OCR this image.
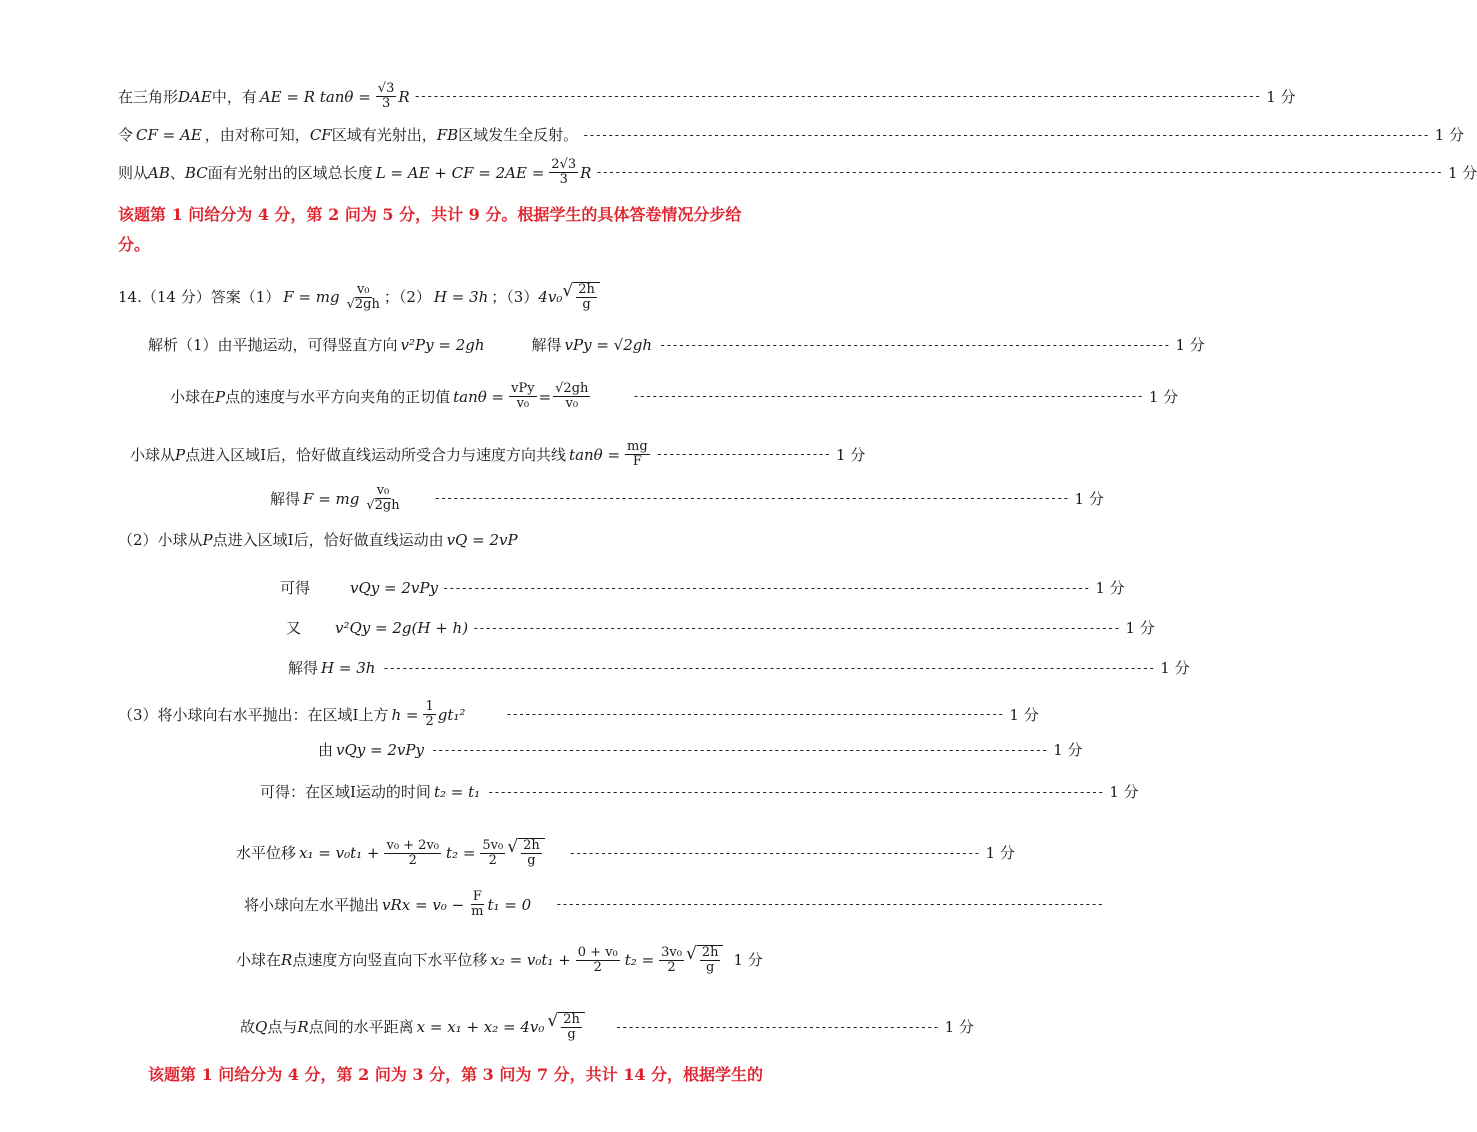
在三角形 DAE 中，有 AE = R $\tan\theta = \frac{√3}{3}$ R ---------------------------------------------------------------------------------------------------------------------------------------- 1 分
令 CF = AE ，由对称可知， CF 区域有光射出， FB 区域发生全反射。 ---------------------------------------------------------------------------------------------------------------------------------------- 1 分
则从 AB 、 BC 面有光射出的区域总长度 L = AE + CF = $2AE = \frac{2√3}{3}$ R ---------------------------------------------------------------------------------------------------------------------------------------- 1 分
该题第 1 问给分为 4 分，第 2 问为 5 分，共计 9 分。根据学生的具体答卷情况分步给分。
14.（14 分）答案（1） F = mg $\frac{\text{v₀}}{√2gh}$ ；（2） H = 3h ；（3） 4v₀ √ $\frac{2h}{g}$
解析（1）由平抛运动，可得竖直方向 v²Py = 2gh	解得 vPy = √2gh ---------------------------------------------------------------------------------- 1 分
小球在 P 点的速度与水平方向夹角的正切值 $\tan\theta = \frac{\text{vPy}}{\text{v₀}} = \frac{√2gh}{\text{v₀}}$	---------------------------------------------------------------------------------- 1 分
小球从 P 点进入区域Ⅰ后，恰好做直线运动所受合力与速度方向共线 $\tan\theta = \frac{mg}{F}$ ---------------------------- 1 分
解得 F = mg $\frac{\text{v₀}}{√2gh}$	------------------------------------------------------------------------------------------------------ 1 分
（2）小球从 P 点进入区域Ⅰ后，恰好做直线运动由 vQ = 2vP
可得	vQy = 2vPy -------------------------------------------------------------------------------------------------------- 1 分
又 v²Qy = 2g(H + h) -------------------------------------------------------------------------------------------------------- 1 分
解得 H = 3h ---------------------------------------------------------------------------------------------------------------------------- 1 分
（3）将小球向右水平抛出：在区域Ⅰ上方 $h = \frac{1}{2} gt_1^2$	-------------------------------------------------------------------------------- 1 分
由 vQy = 2vPy --------------------------------------------------------------------------------------------------- 1 分
可得：在区域Ⅰ运动的时间 t₂ = t₁ --------------------------------------------------------------------------------------------------- 1 分
水平位移 $x_1 = v_0t_1 + \frac{\text{v₀ + 2v₀}}{2} t_2 = \frac{\text{5v₀}}{2}$ √ $\frac{2h}{g}$ ------------------------------------------------------------------ 1 分
将小球向左水平抛出 vRx = $v_0 - \frac{F}{m} t_1 = 0$ ----------------------------------------------------------------------------------------
小球在 R 点速度方向竖直向下水平位移 $x_2 = v_0t_1 + \frac{\text{0 + v₀}}{2} t_2 = \frac{\text{3v₀}}{2}$ √ $\frac{2h}{g} 1$ 分
故 Q 点与 R 点间的水平距离 x = x₁ + x₂ = 4v₀ √ $\frac{2h}{g}$	---------------------------------------------------- 1 分
该题第 1 问给分为 4 分，第 2 问为 3 分，第 3 问为 7 分，共计 14 分，根据学生的
